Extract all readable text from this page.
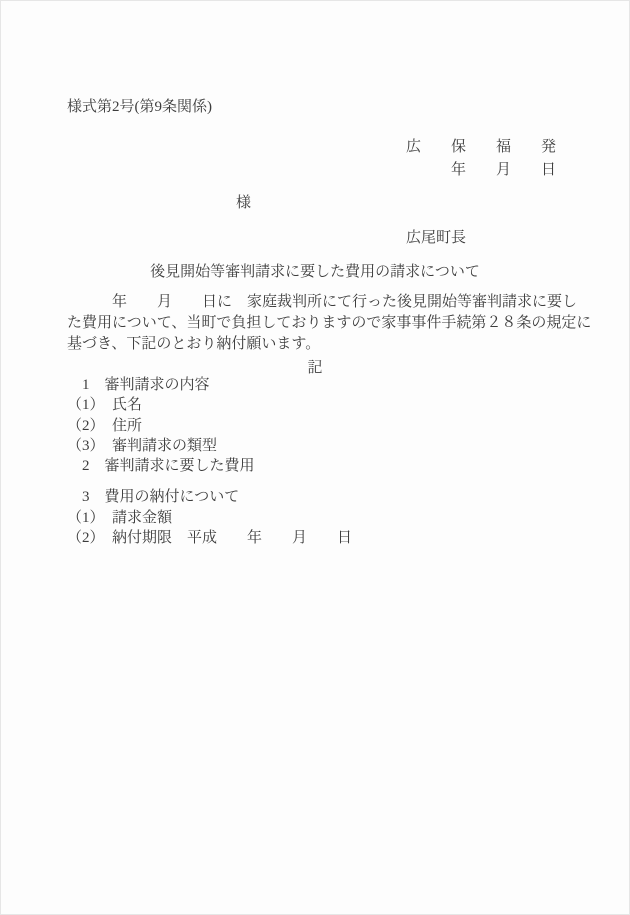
様式第2号(第9条関係)
広　　保　　福　　発
年　　月　　日
様
広尾町長
後見開始等審判請求に要した費用の請求について
　　　年　　月　　日に　家庭裁判所にて行った後見開始等審判請求に要し
た費用について、当町で負担しておりますので家事事件手続第２８条の規定に
基づき、下記のとおり納付願います。
記
　1　審判請求の内容
（1）　氏名
（2）　住所
（3）　審判請求の類型
　2　審判請求に要した費用
　3　費用の納付について
（1）　請求金額
（2）　納付期限　平成　　年　　月　　日
